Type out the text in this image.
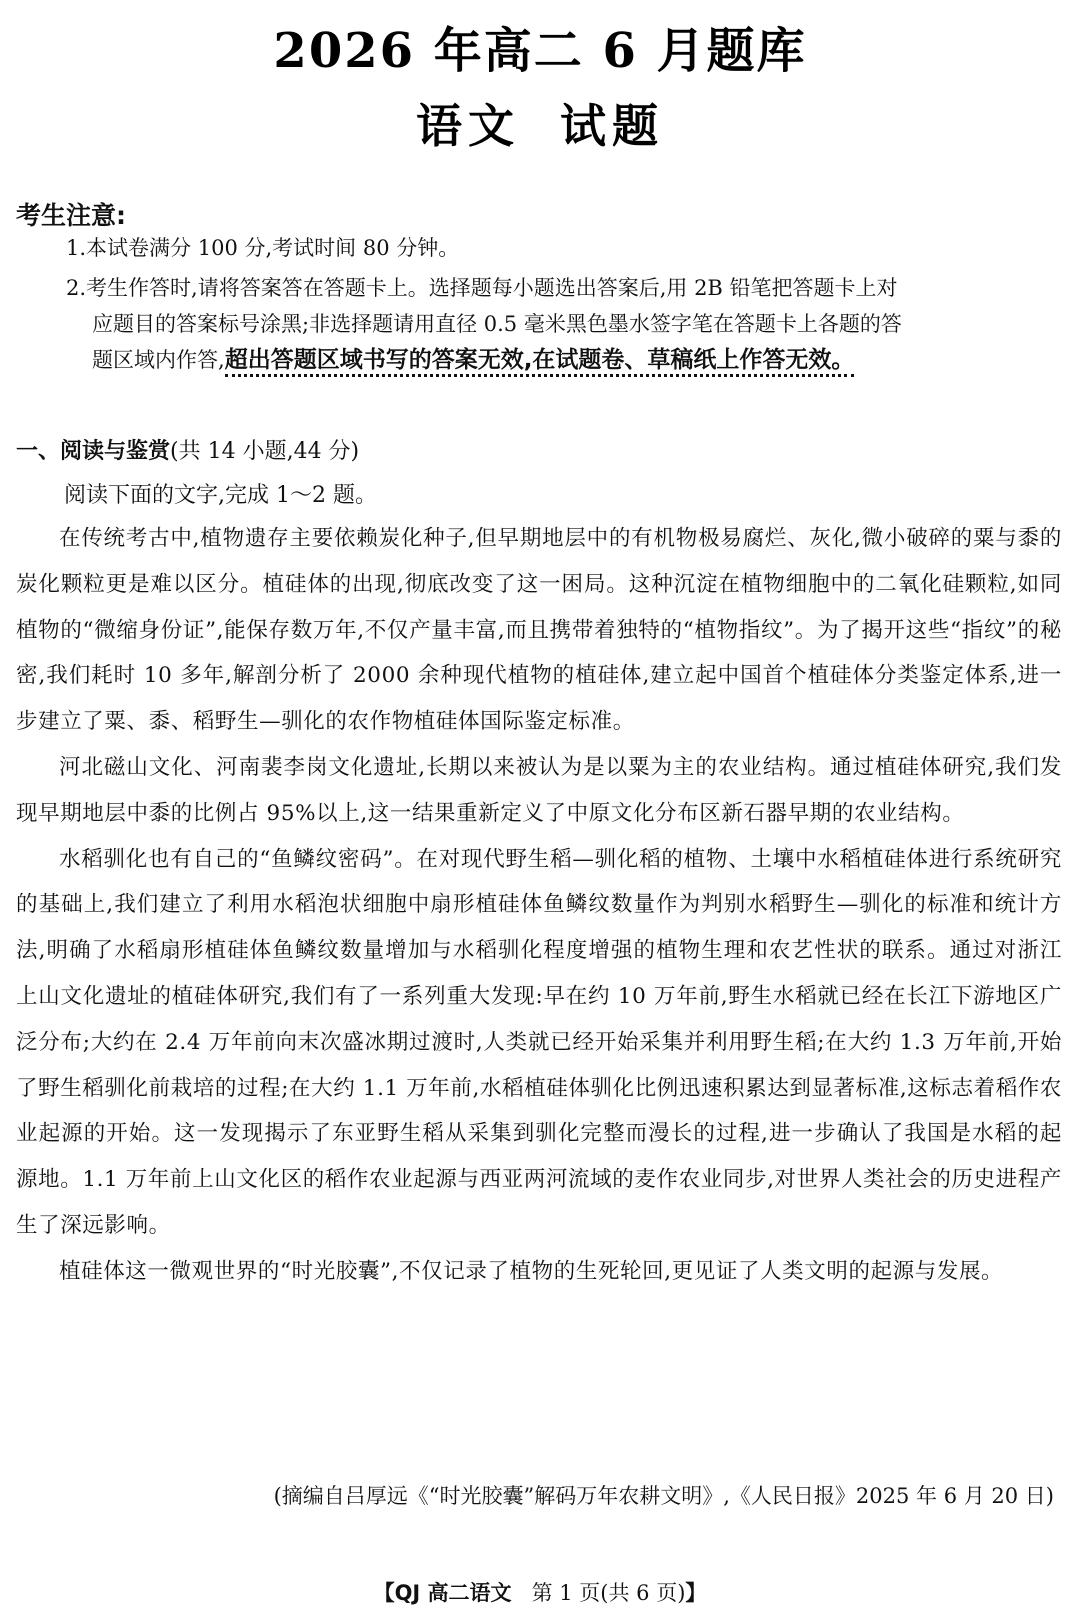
2026 年高二 6 月题库
语文 试题
考生注意:
1.本试卷满分 100 分,考试时间 80 分钟。
2.考生作答时,请将答案答在答题卡上。选择题每小题选出答案后,用 2B 铅笔把答题卡上对
应题目的答案标号涂黑;非选择题请用直径 0.5 毫米黑色墨水签字笔在答题卡上各题的答
题区域内作答,超出答题区域书写的答案无效,在试题卷、草稿纸上作答无效。
一、阅读与鉴赏(共 14 小题,44 分)
阅读下面的文字,完成 1～2 题。

在传统考古中,植物遗存主要依赖炭化种子,但早期地层中的有机物极易腐烂、灰化,微小破碎的粟与黍的炭化颗粒更是难以区分。植硅体的出现,彻底改变了这一困局。这种沉淀在植物细胞中的二氧化硅颗粒,如同植物的“微缩身份证”,能保存数万年,不仅产量丰富,而且携带着独特的“植物指纹”。为了揭开这些“指纹”的秘密,我们耗时 10 多年,解剖分析了 2000 余种现代植物的植硅体,建立起中国首个植硅体分类鉴定体系,进一步建立了粟、黍、稻野生—驯化的农作物植硅体国际鉴定标准。

河北磁山文化、河南裴李岗文化遗址,长期以来被认为是以粟为主的农业结构。通过植硅体研究,我们发现早期地层中黍的比例占 95%以上,这一结果重新定义了中原文化分布区新石器早期的农业结构。

水稻驯化也有自己的“鱼鳞纹密码”。在对现代野生稻—驯化稻的植物、土壤中水稻植硅体进行系统研究的基础上,我们建立了利用水稻泡状细胞中扇形植硅体鱼鳞纹数量作为判别水稻野生—驯化的标准和统计方法,明确了水稻扇形植硅体鱼鳞纹数量增加与水稻驯化程度增强的植物生理和农艺性状的联系。通过对浙江上山文化遗址的植硅体研究,我们有了一系列重大发现:早在约 10 万年前,野生水稻就已经在长江下游地区广泛分布;大约在 2.4 万年前向末次盛冰期过渡时,人类就已经开始采集并利用野生稻;在大约 1.3 万年前,开始了野生稻驯化前栽培的过程;在大约 1.1 万年前,水稻植硅体驯化比例迅速积累达到显著标准,这标志着稻作农业起源的开始。这一发现揭示了东亚野生稻从采集到驯化完整而漫长的过程,进一步确认了我国是水稻的起源地。1.1 万年前上山文化区的稻作农业起源与西亚两河流域的麦作农业同步,对世界人类社会的历史进程产生了深远影响。

植硅体这一微观世界的“时光胶囊”,不仅记录了植物的生死轮回,更见证了人类文明的起源与发展。

(摘编自吕厚远《“时光胶囊”解码万年农耕文明》,《人民日报》2025 年 6 月 20 日)
【QJ 高二语文 第 1 页(共 6 页)】
